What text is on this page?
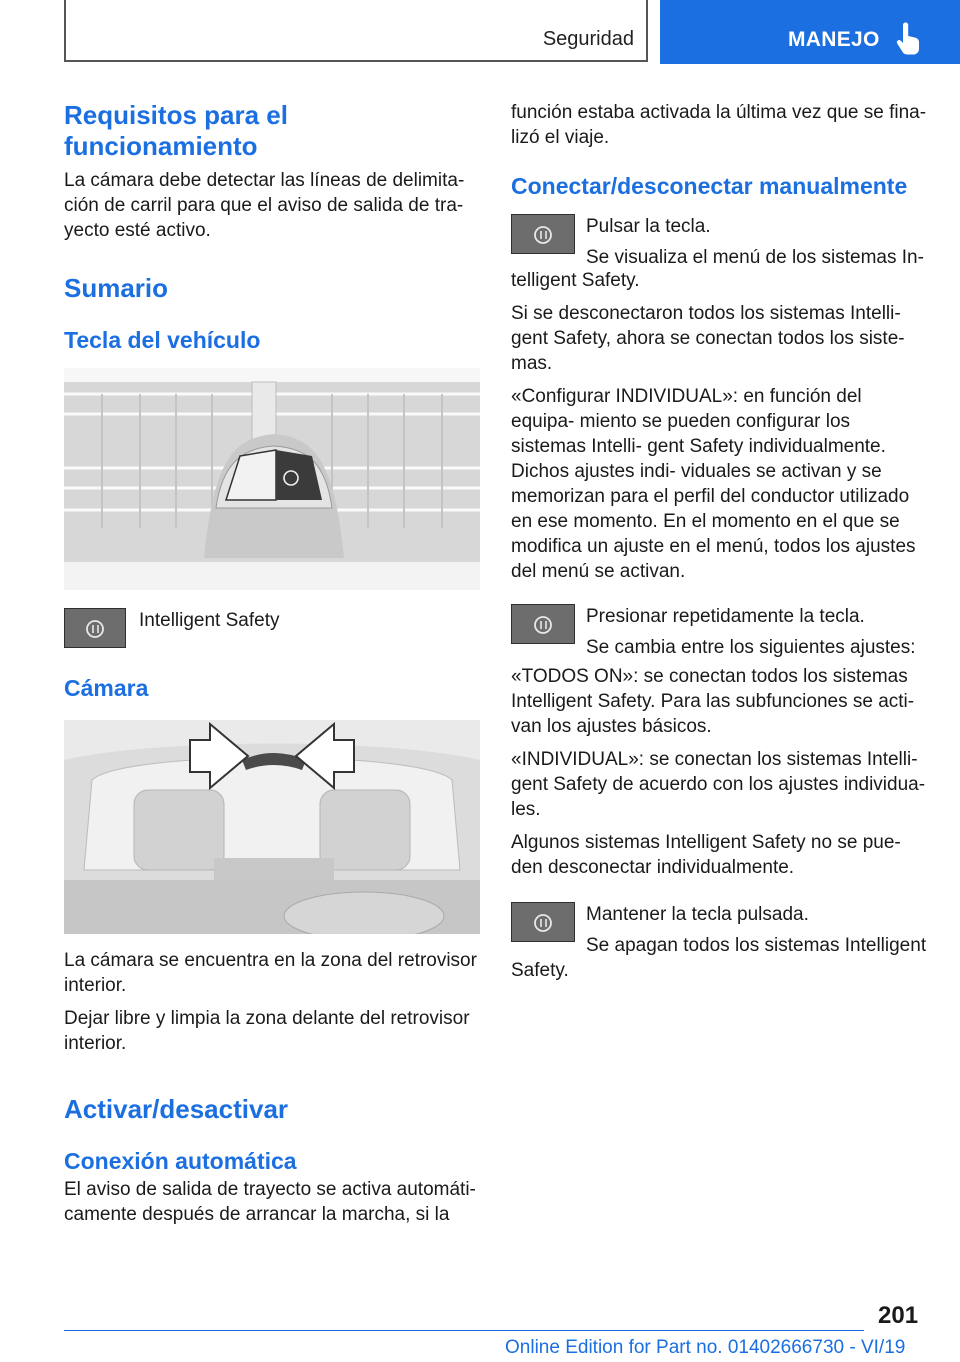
Seguridad	MANEJO
Requisitos para el funcionamiento

La cámara debe detectar las líneas de delimita- ción de carril para que el aviso de salida de tra- yecto esté activo.

Sumario
Tecla del vehículo
Intelligent Safety
Cámara

La cámara se encuentra en la zona del retrovisor interior.

Dejar libre y limpia la zona delante del retrovisor interior.

Activar/desactivar
Conexión automática

El aviso de salida de trayecto se activa automáti- camente después de arrancar la marcha, si la

función estaba activada la última vez que se fina- lizó el viaje.

Conectar/desconectar manualmente

Pulsar la tecla.

Se visualiza el menú de los sistemas In-

telligent Safety.

Si se desconectaron todos los sistemas Intelli- gent Safety, ahora se conectan todos los siste- mas.

«Configurar INDIVIDUAL»: en función del equipa- miento se pueden configurar los sistemas Intelli- gent Safety individualmente. Dichos ajustes indi- viduales se activan y se memorizan para el perfil del conductor utilizado en ese momento. En el momento en el que se modifica un ajuste en el menú, todos los ajustes del menú se activan.

Presionar repetidamente la tecla.

Se cambia entre los siguientes ajustes:

«TODOS ON»: se conectan todos los sistemas Intelligent Safety. Para las subfunciones se acti- van los ajustes básicos.

«INDIVIDUAL»: se conectan los sistemas Intelli- gent Safety de acuerdo con los ajustes individua- les.

Algunos sistemas Intelligent Safety no se pue- den desconectar individualmente.

Mantener la tecla pulsada.

Se apagan todos los sistemas Intelligent

Safety.

201
Online Edition for Part no. 01402666730 - VI/19
